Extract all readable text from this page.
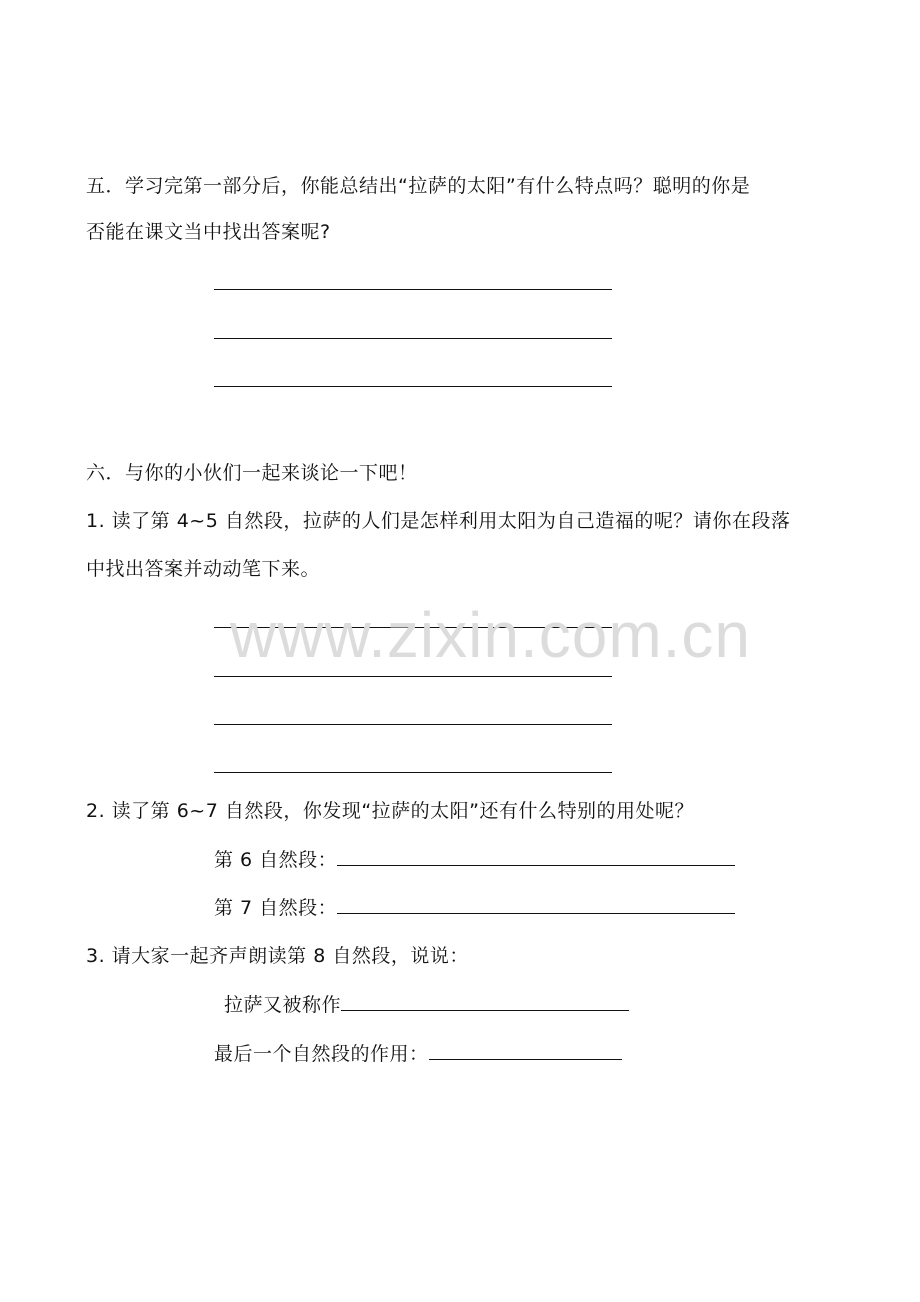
五．学习完第一部分后，你能总结出“拉萨的太阳”有什么特点吗？聪明的你是
否能在课文当中找出答案呢?
六．与你的小伙们一起来谈论一下吧！
1. 读了第 4~5 自然段，拉萨的人们是怎样利用太阳为自己造福的呢？请你在段落
中找出答案并动动笔下来。
2. 读了第 6~7 自然段，你发现“拉萨的太阳”还有什么特别的用处呢？
第 6 自然段：
第 7 自然段：
3. 请大家一起齐声朗读第 8 自然段，说说：
拉萨又被称作
最后一个自然段的作用：
www.zixin.com.cn
